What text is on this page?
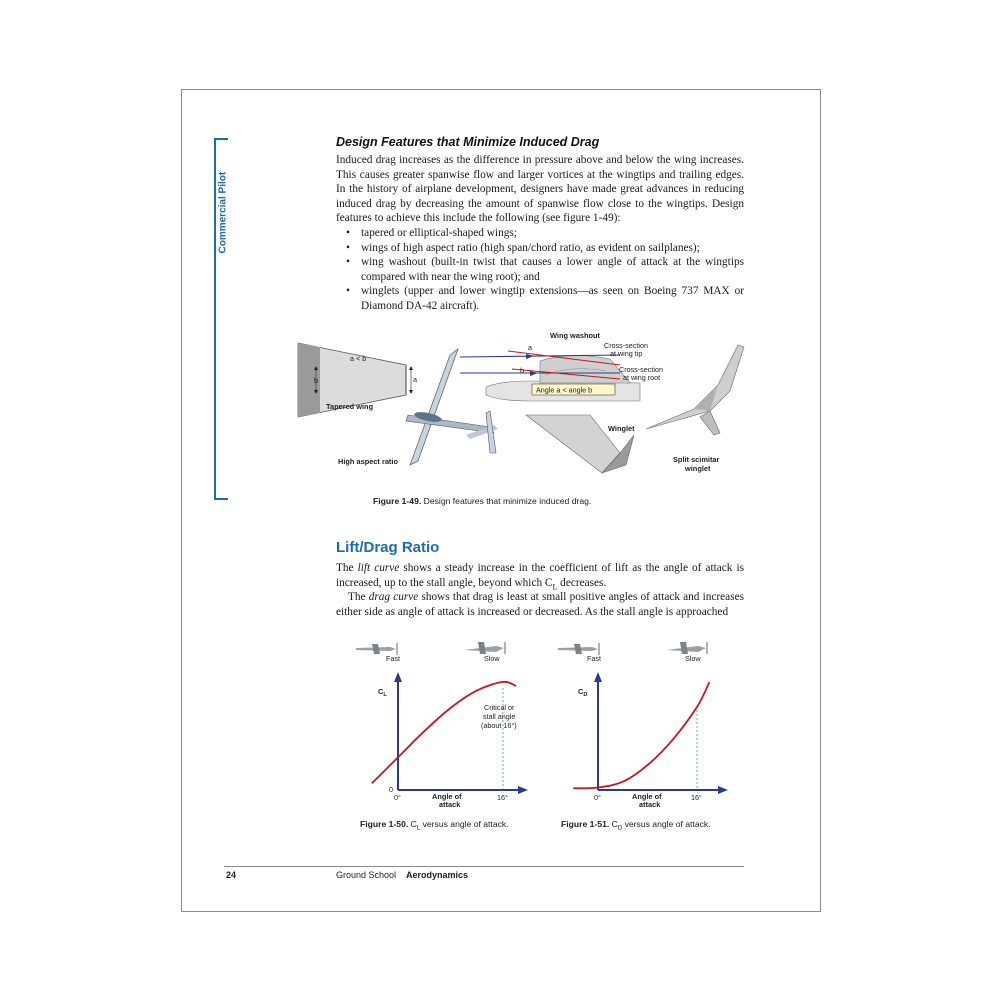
Commercial Pilot
Design Features that Minimize Induced Drag
Induced drag increases as the difference in pressure above and below the wing increases. This causes greater spanwise flow and larger vortices at the wingtips and trailing edges. In the history of airplane development, designers have made great advances in reducing induced drag by decreasing the amount of spanwise flow close to the wingtips. Design features to achieve this include the following (see figure 1-49):
• tapered or elliptical-shaped wings;
• wings of high aspect ratio (high span/chord ratio, as evident on sailplanes);
• wing washout (built-in twist that causes a lower angle of attack at the wingtips compared with near the wing root); and
• winglets (upper and lower wingtip extensions—as seen on Boeing 737 MAX or Diamond DA-42 aircraft).
a < b
b	a
Tapered wing
High aspect ratio
Wing washout
a
b
Cross-section
at wing tip
Cross-section
at wing root
Angle a < angle b
Winglet
Split scimitar
winglet
Figure 1-49. Design features that minimize induced drag.
Lift/Drag Ratio
The lift curve shows a steady increase in the coefficient of lift as the angle of attack is increased, up to the stall angle, beyond which $C_L$ decreases.
The drag curve shows that drag is least at small positive angles of attack and increases either side as angle of attack is increased or decreased. As the stall angle is approached
Fast	Slow
$C_L$
0
0°	16°
Angle of
attack
Critical or
stall angle
(about 16°)
Figure 1-50. $C_L$ versus angle of attack.
Fast	Slow
$C_D$
0°	16°
Angle of
attack
Figure 1-51. $C_D$ versus angle of attack.
24	Ground School Aerodynamics
